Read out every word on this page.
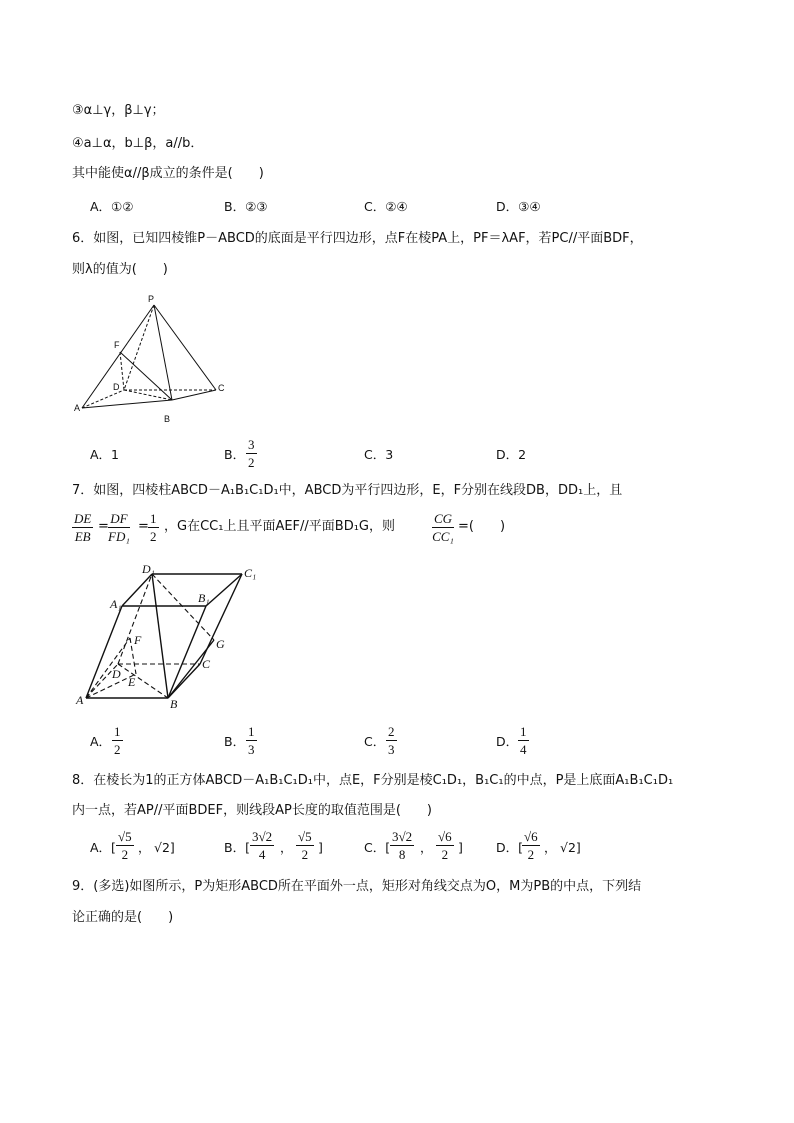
③α⊥γ，β⊥γ；
④a⊥α，b⊥β，a//b．
其中能使α//β成立的条件是(　　)
A．①②	B．②③	C．②④	D．③④
6．如图，已知四棱锥P－ABCD的底面是平行四边形，点F在棱PA上，PF＝λAF，若PC//平面BDF，
则λ的值为(　　)
P
F
D	C
A
B
A．1	B． $\frac{3}{2}$	C．3	D．2
7．如图，四棱柱ABCD－A₁B₁C₁D₁中，ABCD为平行四边形，E，F分别在线段DB，DD₁上，且
$\frac{DE}{EB} = \frac{DF}{\text{FD₁}} = \frac{1}{2}$ ，G在CC₁上且平面AEF//平面BD₁G，则	$\frac{CG}{\text{CC₁}}$ =(　　)
D₁	C₁
A₁	B₁
F	G
D
C
E
A	B
A． $\frac{1}{2}$	B． $\frac{1}{3}$	C． $\frac{2}{3}$	D． $\frac{1}{4}$
8．在棱长为1的正方体ABCD－A₁B₁C₁D₁中，点E，F分别是棱C₁D₁，B₁C₁的中点，P是上底面A₁B₁C₁D₁
内一点，若AP//平面BDEF，则线段AP长度的取值范围是(　　)
A．[ $\frac{√5}{2}$ ， √2]	B．[ $\frac{3√2}{4}$ ， $\frac{√5}{2}$ ]	C．[ $\frac{3√2}{8}$ ， $\frac{√6}{2}$ ]	D．[
$\frac{√6}{2}$ ， √2]
9．(多选)如图所示，P为矩形ABCD所在平面外一点，矩形对角线交点为O，M为PB的中点，下列结
论正确的是(　　)
